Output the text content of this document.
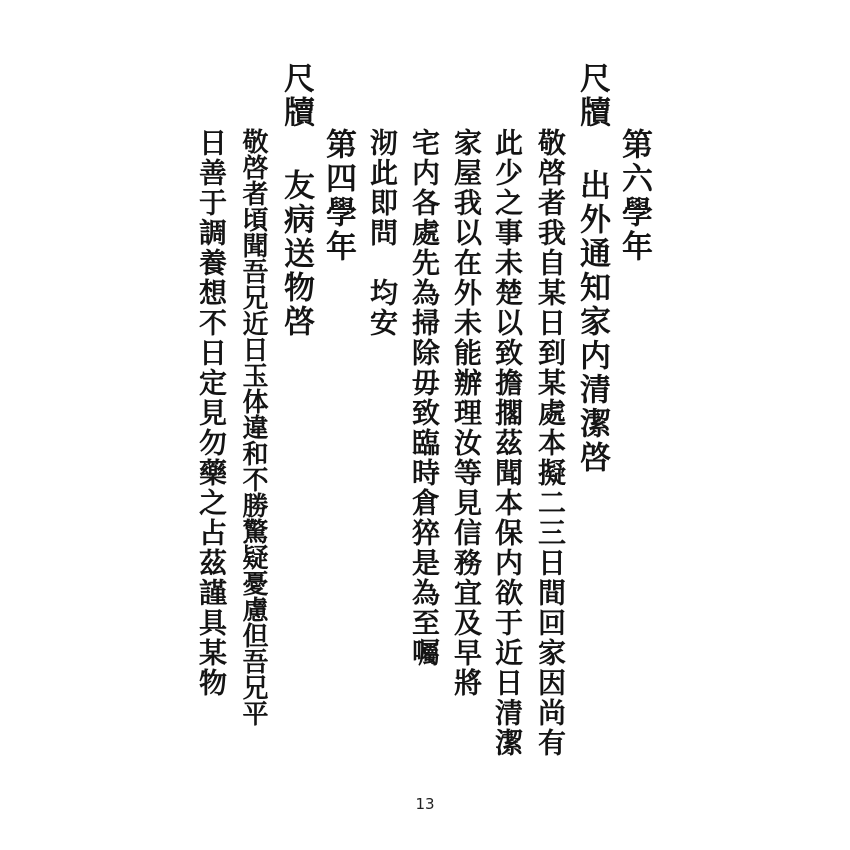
第六學年
尺牘 出外通知家内清潔啓
敬啓者我自某日到某處本擬二三日間回家因尚有
此少之事未楚以致擔擱茲聞本保内欲于近日清潔
家屋我以在外未能辦理汝等見信務宜及早將
宅内各處先為掃除毋致臨時倉猝是為至囑
沏此即問　均安
第四學年
尺牘 友病送物啓
敬啓者頃聞吾兄近日玉体違和不勝驚疑憂慮但吾兄平
日善于調養想不日定見勿藥之占茲謹具某物
13
